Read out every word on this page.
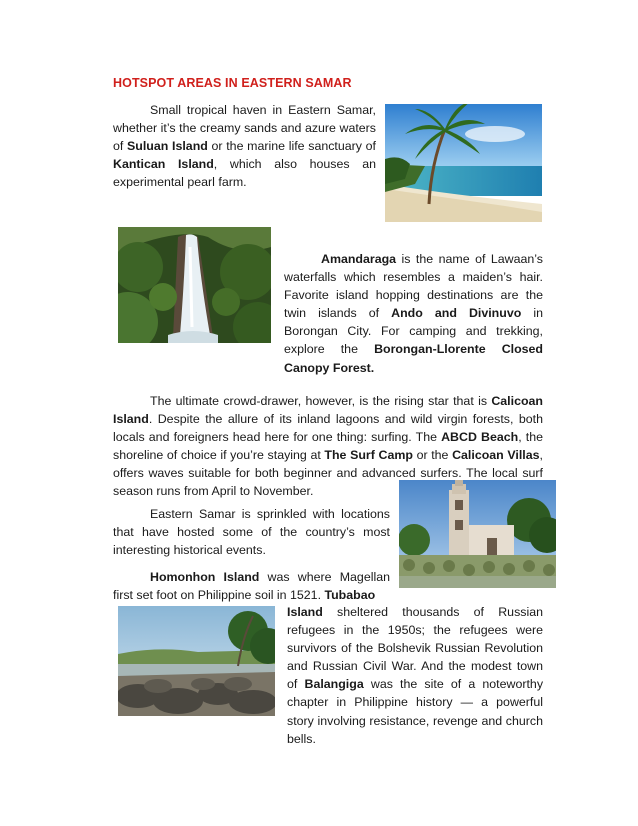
HOTSPOT AREAS IN EASTERN SAMAR

Small tropical haven in Eastern Samar, whether it’s the creamy sands and azure waters of Suluan Island or the marine life sanctuary of Kantican Island, which also houses an experimental pearl farm.

Amandaraga is the name of Lawaan’s waterfalls which resembles a maiden’s hair. Favorite island hopping destinations are the twin islands of Ando and Divinuvo in Borongan City. For camping and trekking, explore the Borongan-Llorente Closed Canopy Forest.

The ultimate crowd-drawer, however, is the rising star that is Calicoan Island. Despite the allure of its inland lagoons and wild virgin forests, both locals and foreigners head here for one thing: surfing. The ABCD Beach, the shoreline of choice if you’re staying at The Surf Camp or the Calicoan Villas, offers waves suitable for both beginner and advanced surfers. The local surf season runs from April to November.

Eastern Samar is sprinkled with locations that have hosted some of the country’s most interesting historical events.

Homonhon Island was where Magellan first set foot on Philippine soil in 1521. Tubabao

Island sheltered thousands of Russian refugees in the 1950s; the refugees were survivors of the Bolshevik Russian Revolution and Russian Civil War. And the modest town of Balangiga was the site of a noteworthy chapter in Philippine history — a powerful story involving resistance, revenge and church bells.
